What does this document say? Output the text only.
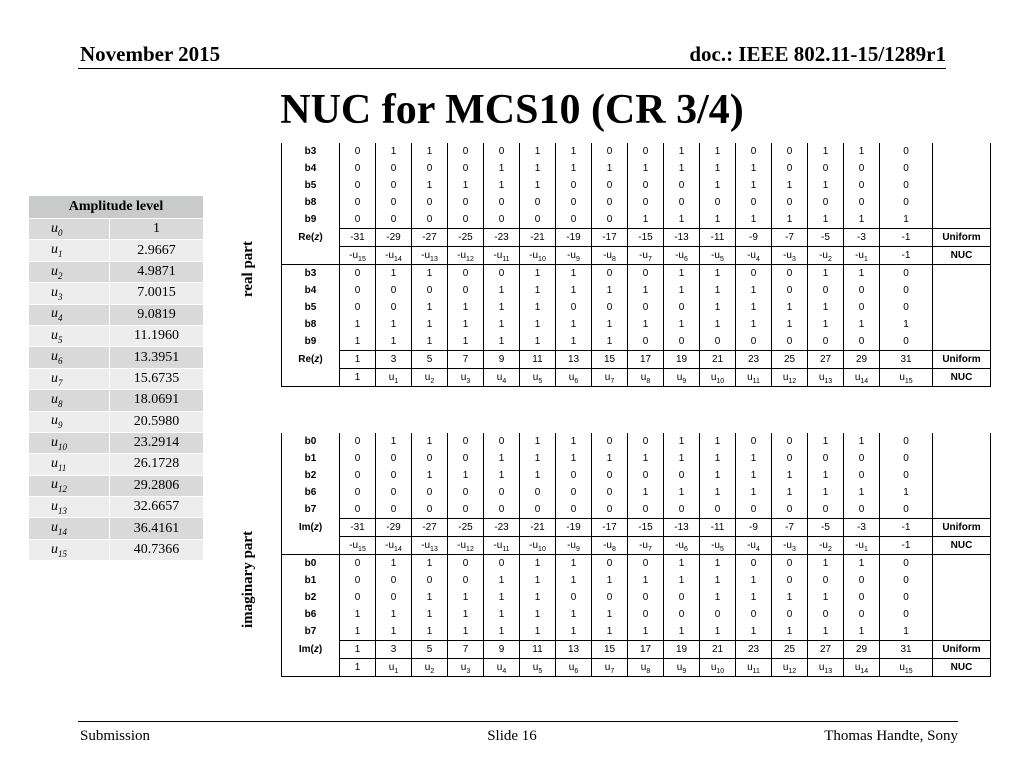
November 2015	doc.: IEEE 802.11-15/1289r1
NUC for MCS10 (CR 3/4)
Amplitude level	
$u_0$	1
$u_1$	2.9667
$u_2$	4.9871
$u_3$	7.0015
$u_4$	9.0819
$u_5$	11.1960
$u_6$	13.3951
$u_7$	15.6735
$u_8$	18.0691
$u_9$	20.5980
$u_{10}$	23.2914
$u_{11}$	26.1728
$u_{12}$	29.2806
$u_{13}$	32.6657
$u_{14}$	36.4161
$u_{15}$	40.7366
real part
imaginary part
b3	0	1	1	0	0	1	1	0	0	1	1	0	0	1	1	0	
b4	0	0	0	0	1	1	1	1	1	1	1	1	0	0	0	0	
b5	0	0	1	1	1	1	0	0	0	0	1	1	1	1	0	0	
b8	0	0	0	0	0	0	0	0	0	0	0	0	0	0	0	0	
b9	0	0	0	0	0	0	0	0	1	1	1	1	1	1	1	1	
Re(z)	-31	-29	-27	-25	-23	-21	-19	-17	-15	-13	-11	-9	-7	-5	-3	-1	Uniform
	$-u_{15}$	$-u_{14}$	$-u_{13}$	$-u_{12}$	$-u_{11}$	$-u_{10}$	$-u_9$	$-u_8$	$-u_7$	$-u_6$	$-u_5$	$-u_4$	$-u_3$	$-u_2$	$-u_1$	-1	NUC
b3	0	1	1	0	0	1	1	0	0	1	1	0	0	1	1	0	
b4	0	0	0	0	1	1	1	1	1	1	1	1	0	0	0	0	
b5	0	0	1	1	1	1	0	0	0	0	1	1	1	1	0	0	
b8	1	1	1	1	1	1	1	1	1	1	1	1	1	1	1	1	
b9	1	1	1	1	1	1	1	1	0	0	0	0	0	0	0	0	
Re(z)	1	3	5	7	9	11	13	15	17	19	21	23	25	27	29	31	Uniform
	1	$u_1$	$u_2$	$u_3$	$u_4$	$u_5$	$u_6$	$u_7$	$u_8$	$u_9$	$u_{10}$	$u_{11}$	$u_{12}$	$u_{13}$	$u_{14}$	$u_{15}$	NUC
b0	0	1	1	0	0	1	1	0	0	1	1	0	0	1	1	0	
b1	0	0	0	0	1	1	1	1	1	1	1	1	0	0	0	0	
b2	0	0	1	1	1	1	0	0	0	0	1	1	1	1	0	0	
b6	0	0	0	0	0	0	0	0	1	1	1	1	1	1	1	1	
b7	0	0	0	0	0	0	0	0	0	0	0	0	0	0	0	0	
Im(z)	-31	-29	-27	-25	-23	-21	-19	-17	-15	-13	-11	-9	-7	-5	-3	-1	Uniform
	$-u_{15}$	$-u_{14}$	$-u_{13}$	$-u_{12}$	$-u_{11}$	$-u_{10}$	$-u_9$	$-u_8$	$-u_7$	$-u_6$	$-u_5$	$-u_4$	$-u_3$	$-u_2$	$-u_1$	-1	NUC
b0	0	1	1	0	0	1	1	0	0	1	1	0	0	1	1	0	
b1	0	0	0	0	1	1	1	1	1	1	1	1	0	0	0	0	
b2	0	0	1	1	1	1	0	0	0	0	1	1	1	1	0	0	
b6	1	1	1	1	1	1	1	1	0	0	0	0	0	0	0	0	
b7	1	1	1	1	1	1	1	1	1	1	1	1	1	1	1	1	
Im(z)	1	3	5	7	9	11	13	15	17	19	21	23	25	27	29	31	Uniform
	1	$u_1$	$u_2$	$u_3$	$u_4$	$u_5$	$u_6$	$u_7$	$u_8$	$u_9$	$u_{10}$	$u_{11}$	$u_{12}$	$u_{13}$	$u_{14}$	$u_{15}$	NUC
Submission	Slide 16	Thomas Handte, Sony
